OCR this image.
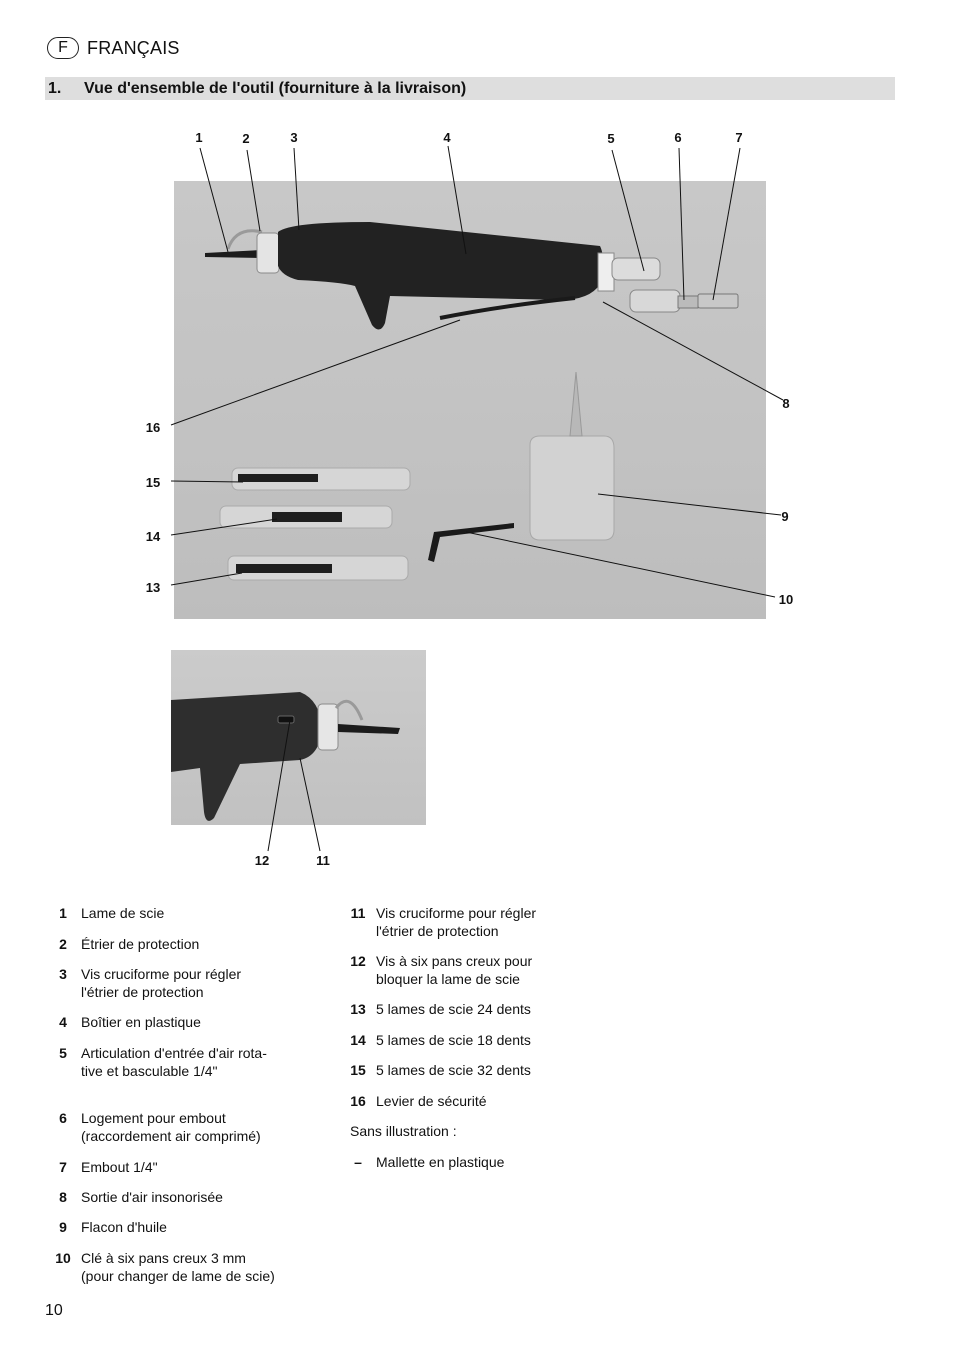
F	FRANÇAIS
1.	Vue d'ensemble de l'outil (fourniture à la livraison)
1	2	3	4	5	6	7
8
9
10
16
15
14
13
12	11
1	Lame de scie
2	Étrier de protection
3	Vis cruciforme pour régler
l'étrier de protection
4	Boîtier en plastique
5	Articulation d'entrée d'air rota-
tive et basculable 1/4"
6	Logement pour embout
(raccordement air comprimé)
7	Embout 1/4"
8	Sortie d'air insonorisée
9	Flacon d'huile
10 Clé à six pans creux 3 mm
(pour changer de lame de scie)
11 Vis cruciforme pour régler
l'étrier de protection
12 Vis à six pans creux pour
bloquer la lame de scie
13 5 lames de scie 24 dents
14 5 lames de scie 18 dents
15 5 lames de scie 32 dents
16 Levier de sécurité
Sans illustration :
–	Mallette en plastique
10
